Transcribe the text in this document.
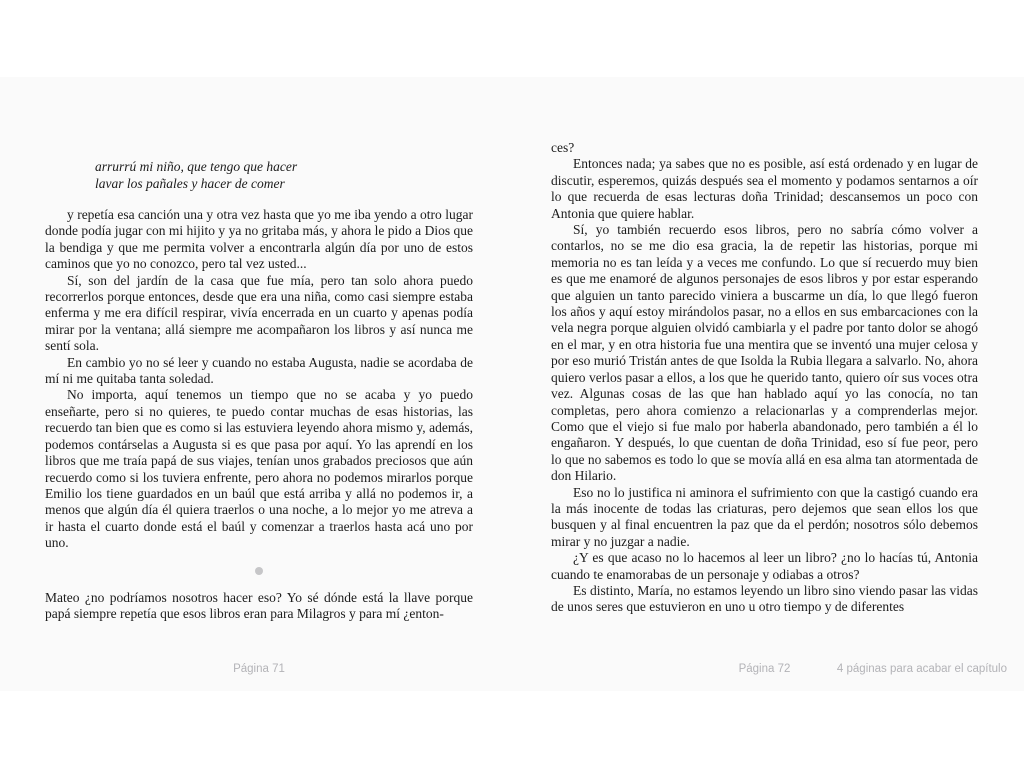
arrurrú mi niño, que tengo que hacer
lavar los pañales y hacer de comer

y repetía esa canción una y otra vez hasta que yo me iba yendo a otro lugar donde podía jugar con mi hijito y ya no gritaba más, y ahora le pido a Dios que la bendiga y que me permita volver a encontrarla algún día por uno de estos caminos que yo no conozco, pero tal vez usted...

Sí, son del jardín de la casa que fue mía, pero tan solo ahora puedo recorrerlos porque entonces, desde que era una niña, como casi siempre estaba enferma y me era difícil respirar, vivía encerrada en un cuarto y apenas podía mirar por la ventana; allá siempre me acompañaron los libros y así nunca me sentí sola.

En cambio yo no sé leer y cuando no estaba Augusta, nadie se acordaba de mí ni me quitaba tanta soledad.

No importa, aquí tenemos un tiempo que no se acaba y yo puedo enseñarte, pero si no quieres, te puedo contar muchas de esas historias, las recuerdo tan bien que es como si las estuviera leyendo ahora mismo y, además, podemos contárselas a Augusta si es que pasa por aquí. Yo las aprendí en los libros que me traía papá de sus viajes, tenían unos grabados preciosos que aún recuerdo como si los tuviera enfrente, pero ahora no podemos mirarlos porque Emilio los tiene guardados en un baúl que está arriba y allá no podemos ir, a menos que algún día él quiera traerlos o una noche, a lo mejor yo me atreva a ir hasta el cuarto donde está el baúl y comenzar a traerlos hasta acá uno por uno.

Mateo ¿no podríamos nosotros hacer eso? Yo sé dónde está la llave porque papá siempre repetía que esos libros eran para Milagros y para mí ¿enton-

ces?

Entonces nada; ya sabes que no es posible, así está ordenado y en lugar de discutir, esperemos, quizás después sea el momento y podamos sentarnos a oír lo que recuerda de esas lecturas doña Trinidad; descansemos un poco con Antonia que quiere hablar.

Sí, yo también recuerdo esos libros, pero no sabría cómo volver a contarlos, no se me dio esa gracia, la de repetir las historias, porque mi memoria no es tan leída y a veces me confundo. Lo que sí recuerdo muy bien es que me enamoré de algunos personajes de esos libros y por estar esperando que alguien un tanto parecido viniera a buscarme un día, lo que llegó fueron los años y aquí estoy mirándolos pasar, no a ellos en sus embarcaciones con la vela negra porque alguien olvidó cambiarla y el padre por tanto dolor se ahogó en el mar, y en otra historia fue una mentira que se inventó una mujer celosa y por eso murió Tristán antes de que Isolda la Rubia llegara a salvarlo. No, ahora quiero verlos pasar a ellos, a los que he querido tanto, quiero oír sus voces otra vez. Algunas cosas de las que han hablado aquí yo las conocía, no tan completas, pero ahora comienzo a relacionarlas y a comprenderlas mejor. Como que el viejo si fue malo por haberla abandonado, pero también a él lo engañaron. Y después, lo que cuentan de doña Trinidad, eso sí fue peor, pero lo que no sabemos es todo lo que se movía allá en esa alma tan atormentada de don Hilario.

Eso no lo justifica ni aminora el sufrimiento con que la castigó cuando era la más inocente de todas las criaturas, pero dejemos que sean ellos los que busquen y al final encuentren la paz que da el perdón; nosotros sólo debemos mirar y no juzgar a nadie.

¿Y es que acaso no lo hacemos al leer un libro? ¿no lo hacías tú, Antonia cuando te enamorabas de un personaje y odiabas a otros?

Es distinto, María, no estamos leyendo un libro sino viendo pasar las vidas de unos seres que estuvieron en uno u otro tiempo y de diferentes

Página 71	Página 72	4 páginas para acabar el capítulo
